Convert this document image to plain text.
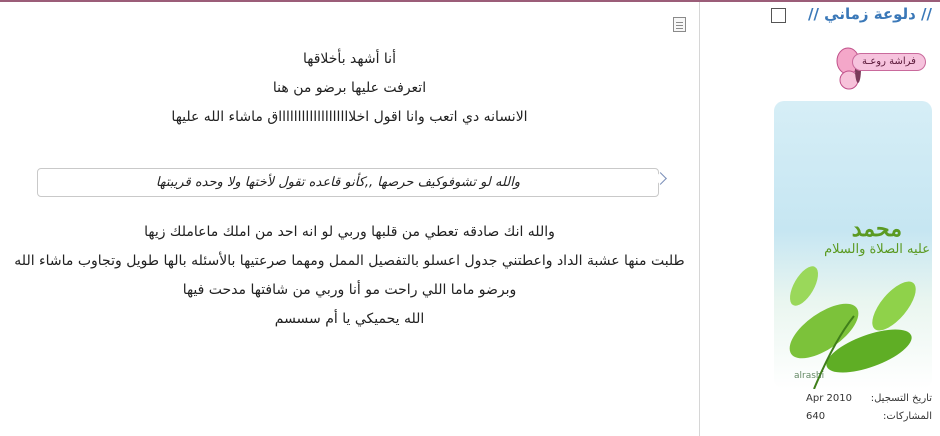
أنا أشهد بأخلاقها
اتعرفت عليها برضو من هنا
الانسانه دي اتعب وانا اقول اخلاااااااااااااااااااق ماشاء الله عليها
والله لو تشوفوكيف حرصها ,,كأنو قاعده تقول لأختها ولا وحده قريبتها
والله انك صادقه تعطي من قلبها وربي لو انه احد من املك ماعاملك زيها
طلبت منها عشبة الداد واعطتني جدول اعسلو بالتفصيل الممل ومهما صرعتيها بالأسئله بالها طويل وتجاوب ماشاء الله
وبرضو ماما اللي راحت مو أنا وربي من شافتها مدحت فيها
الله يحميكي يا أم سسسم
// دلوعة زماني //
فراشة روعـة
محمد
عليه الصلاة والسلام
alrashi
تاريخ التسجيل:
Apr 2010
المشاركات:
640
